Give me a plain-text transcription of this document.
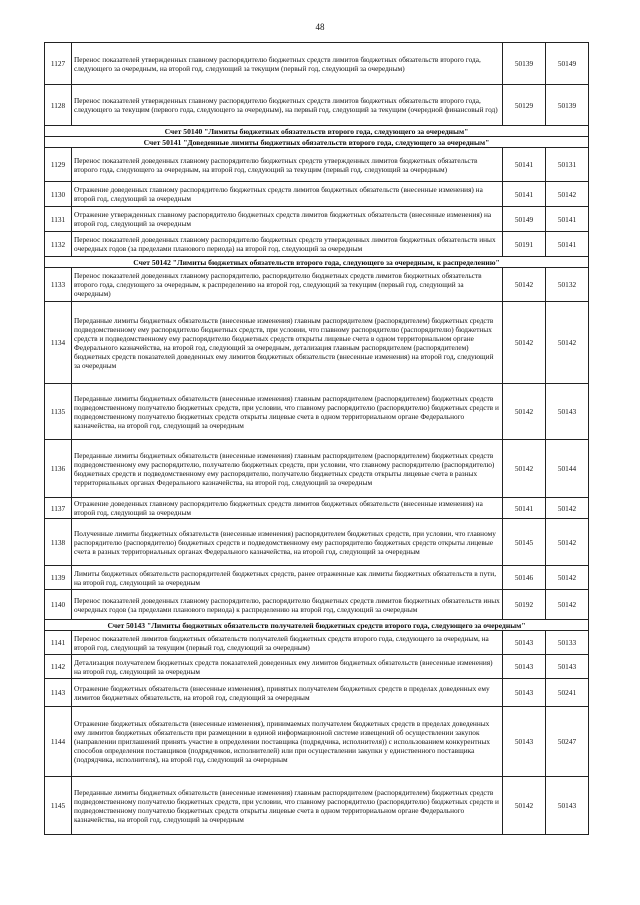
48
1127	Перенос показателей утвержденных главному распорядителю бюджетных средств лимитов бюджетных обязательств второго года, следующего за очередным, на второй год, следующий за текущим (первый год, следующий за очередным)	50139	50149
1128	Перенос показателей утвержденных главному распорядителю бюджетных средств лимитов бюджетных обязательств второго года, следующего за текущим (первого года, следующего за очередным), на первый год, следующий за текущим (очередной финансовый год)	50129	50139
Счет 50140 "Лимиты бюджетных обязательств второго года, следующего за очередным"			
Счет 50141 "Доведенные лимиты бюджетных обязательств второго года, следующего за очередным"			
1129	Перенос показателей доведенных главному распорядителю бюджетных средств утвержденных лимитов бюджетных обязательств второго года, следующего за очередным, на второй год, следующий за текущим (первый год, следующий за очередным)	50141	50131
1130	Отражение доведенных главному распорядителю бюджетных средств лимитов бюджетных обязательств (внесенные изменения) на второй год, следующий за очередным	50141	50142
1131	Отражение утвержденных главному распорядителю бюджетных средств лимитов бюджетных обязательств (внесенные изменения) на второй год, следующий за очередным	50149	50141
1132	Перенос показателей доведенных главному распорядителю бюджетных средств утвержденных лимитов бюджетных обязательств иных очередных годов (за пределами планового периода) на второй год, следующий за очередным	50191	50141
Счет 50142 "Лимиты бюджетных обязательств второго года, следующего за очередным, к распределению"			
1133	Перенос показателей доведенных главному распорядителю, распорядителю бюджетных средств лимитов бюджетных обязательств второго года, следующего за очередным, к распределению на второй год, следующий за текущим (первый год, следующий за очередным)	50142	50132
1134	Переданные лимиты бюджетных обязательств (внесенные изменения) главным распорядителем (распорядителем) бюджетных средств подведомственному ему распорядителю бюджетных средств, при условии, что главному распорядителю (распорядителю) бюджетных средств и подведомственному ему распорядителю бюджетных средств открыты лицевые счета в одном территориальном органе Федерального казначейства, на второй год, следующий за очередным, детализация главным распорядителем (распорядителем) бюджетных средств показателей доведенных ему лимитов бюджетных обязательств (внесенные изменения) на второй год, следующий за очередным	50142	50142
1135	Переданные лимиты бюджетных обязательств (внесенные изменения) главным распорядителем (распорядителем) бюджетных средств подведомственному получателю бюджетных средств, при условии, что главному распорядителю (распорядителю) бюджетных средств и подведомственному получателю бюджетных средств открыты лицевые счета в одном территориальном органе Федерального казначейства, на второй год, следующий за очередным	50142	50143
1136	Переданные лимиты бюджетных обязательств (внесенные изменения) главным распорядителем (распорядителем) бюджетных средств подведомственному ему распорядителю, получателю бюджетных средств, при условии, что главному распорядителю (распорядителю) бюджетных средств и подведомственному ему распорядителю, получателю бюджетных средств открыты лицевые счета в разных территориальных органах Федерального казначейства, на второй год, следующий за очередным	50142	50144
1137	Отражение доведенных главному распорядителю бюджетных средств лимитов бюджетных обязательств (внесенные изменения) на второй год, следующий за очередным	50141	50142
1138	Полученные лимиты бюджетных обязательств (внесенные изменения) распорядителем бюджетных средств, при условии, что главному распорядителю (распорядителю) бюджетных средств и подведомственному ему распорядителю бюджетных средств открыты лицевые счета в разных территориальных органах Федерального казначейства, на второй год, следующий за очередным	50145	50142
1139	Лимиты бюджетных обязательств распорядителей бюджетных средств, ранее отраженные как лимиты бюджетных обязательств в пути, на второй год, следующий за очередным	50146	50142
1140	Перенос показателей доведенных главному распорядителю, распорядителю бюджетных средств лимитов бюджетных обязательств иных очередных годов (за пределами планового периода) к распределению на второй год, следующий за очередным	50192	50142
Счет 50143 "Лимиты бюджетных обязательств получателей бюджетных средств второго года, следующего за очередным"			
1141	Перенос показателей лимитов бюджетных обязательств получателей бюджетных средств второго года, следующего за очередным, на второй год, следующий за текущим (первый год, следующий за очередным)	50143	50133
1142	Детализация получателем бюджетных средств показателей доведенных ему лимитов бюджетных обязательств (внесенные изменения) на второй год, следующий за очередным	50143	50143
1143	Отражение бюджетных обязательств (внесенные изменения), принятых получателем бюджетных средств в пределах доведенных ему лимитов бюджетных обязательств, на второй год, следующий за очередным	50143	50241
1144	Отражение бюджетных обязательств (внесенные изменения), принимаемых получателем бюджетных средств в пределах доведенных ему лимитов бюджетных обязательств при размещении в единой информационной системе извещений об осуществлении закупок (направлении приглашений принять участие в определении поставщика (подрядчика, исполнителя)) с использованием конкурентных способов определения поставщиков (подрядчиков, исполнителей) или при осуществлении закупки у единственного поставщика (подрядчика, исполнителя), на второй год, следующий за очередным	50143	50247
1145	Переданные лимиты бюджетных обязательств (внесенные изменения) главным распорядителем (распорядителем) бюджетных средств подведомственному получателю бюджетных средств, при условии, что главному распорядителю (распорядителю) бюджетных средств и подведомственному получателю бюджетных средств открыты лицевые счета в одном территориальном органе Федерального казначейства, на второй год, следующий за очередным	50142	50143
